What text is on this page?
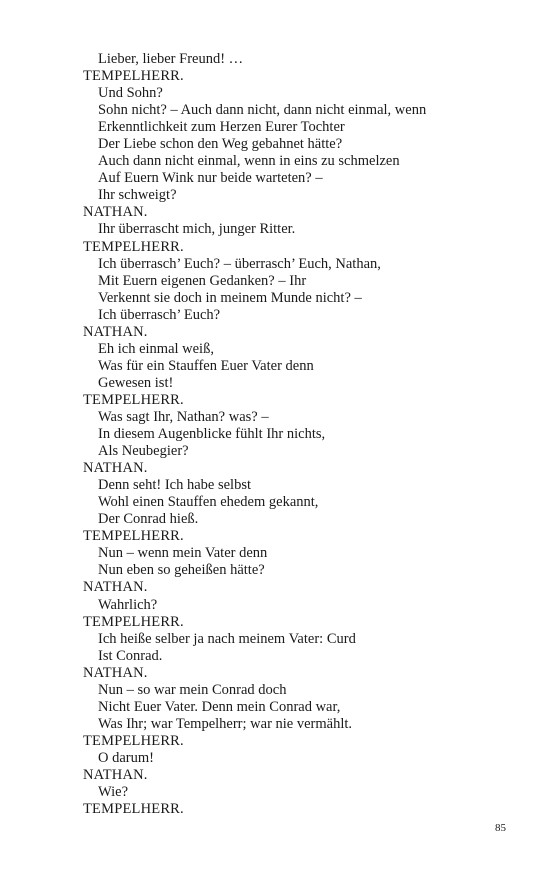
Lieber, lieber Freund! …
TEMPELHERR.
Und Sohn?
Sohn nicht? – Auch dann nicht, dann nicht einmal, wenn
Erkenntlichkeit zum Herzen Eurer Tochter
Der Liebe schon den Weg gebahnet hätte?
Auch dann nicht einmal, wenn in eins zu schmelzen
Auf Euern Wink nur beide warteten? –
Ihr schweigt?
NATHAN.
Ihr überrascht mich, junger Ritter.
TEMPELHERR.
Ich überrasch’ Euch? – überrasch’ Euch, Nathan,
Mit Euern eigenen Gedanken? – Ihr
Verkennt sie doch in meinem Munde nicht? –
Ich überrasch’ Euch?
NATHAN.
Eh ich einmal weiß,
Was für ein Stauffen Euer Vater denn
Gewesen ist!
TEMPELHERR.
Was sagt Ihr, Nathan? was? –
In diesem Augenblicke fühlt Ihr nichts,
Als Neubegier?
NATHAN.
Denn seht! Ich habe selbst
Wohl einen Stauffen ehedem gekannt,
Der Conrad hieß.
TEMPELHERR.
Nun – wenn mein Vater denn
Nun eben so geheißen hätte?
NATHAN.
Wahrlich?
TEMPELHERR.
Ich heiße selber ja nach meinem Vater: Curd
Ist Conrad.
NATHAN.
Nun – so war mein Conrad doch
Nicht Euer Vater. Denn mein Conrad war,
Was Ihr; war Tempelherr; war nie vermählt.
TEMPELHERR.
O darum!
NATHAN.
Wie?
TEMPELHERR.
85
